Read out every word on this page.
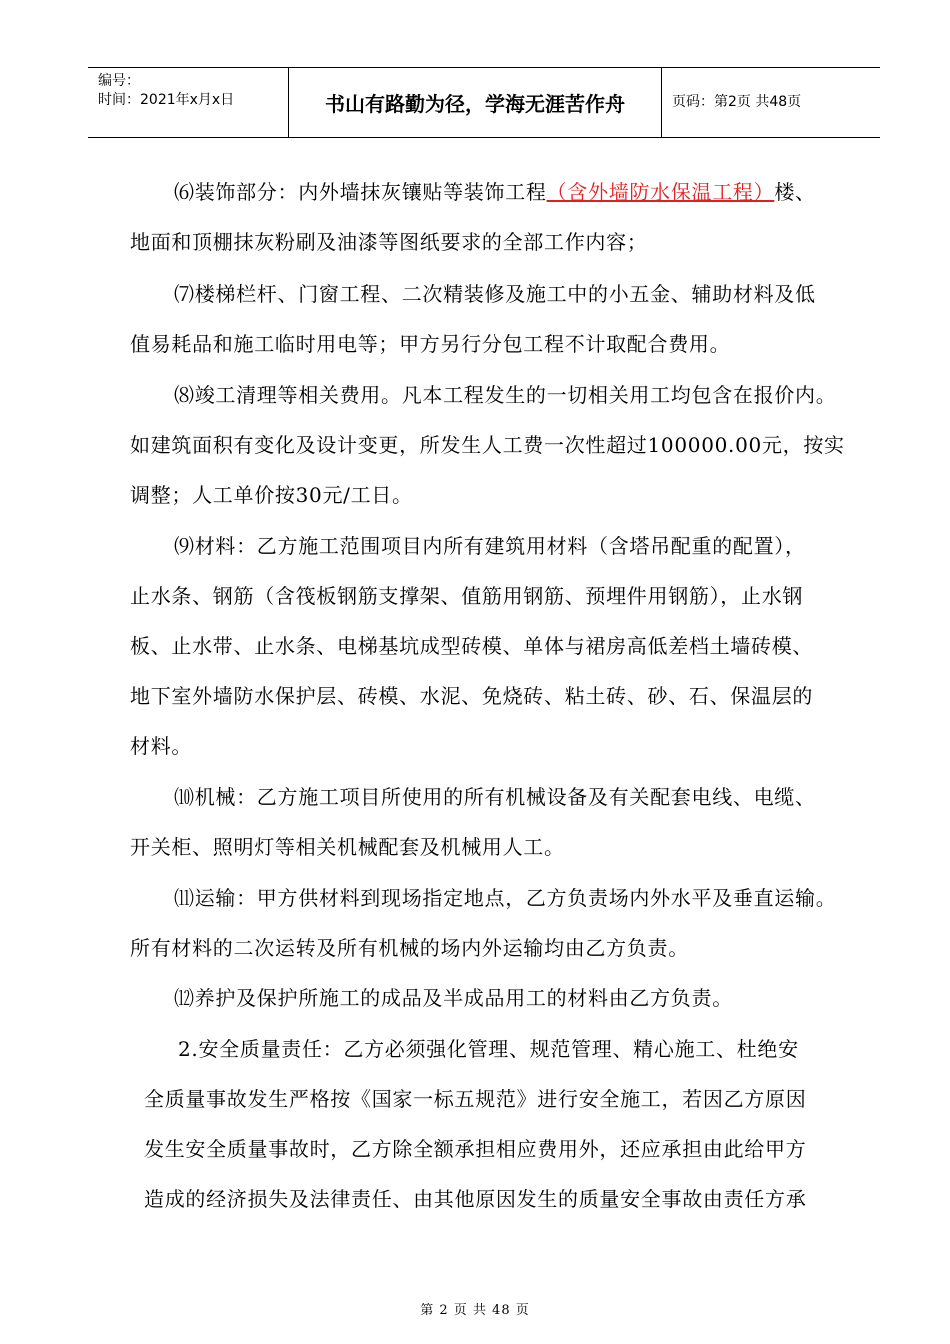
编号：
时间：2021年x月x日	书山有路勤为径，学海无涯苦作舟	页码：第2页 共48页
⑹装饰部分：内外墙抹灰镶贴等装饰工程（含外墙防水保温工程）楼、
地面和顶棚抹灰粉刷及油漆等图纸要求的全部工作内容；
⑺楼梯栏杆、门窗工程、二次精装修及施工中的小五金、辅助材料及低
值易耗品和施工临时用电等；甲方另行分包工程不计取配合费用。
⑻竣工清理等相关费用。凡本工程发生的一切相关用工均包含在报价内。
如建筑面积有变化及设计变更，所发生人工费一次性超过100000.00元，按实
调整；人工单价按30元/工日。
⑼材料：乙方施工范围项目内所有建筑用材料（含塔吊配重的配置），
止水条、钢筋（含筏板钢筋支撑架、值筋用钢筋、预埋件用钢筋），止水钢
板、止水带、止水条、电梯基坑成型砖模、单体与裙房高低差档土墙砖模、
地下室外墙防水保护层、砖模、水泥、免烧砖、粘土砖、砂、石、保温层的
材料。
⑽机械：乙方施工项目所使用的所有机械设备及有关配套电线、电缆、
开关柜、照明灯等相关机械配套及机械用人工。
⑾运输：甲方供材料到现场指定地点，乙方负责场内外水平及垂直运输。
所有材料的二次运转及所有机械的场内外运输均由乙方负责。
⑿养护及保护所施工的成品及半成品用工的材料由乙方负责。
2.安全质量责任：乙方必须强化管理、规范管理、精心施工、杜绝安
全质量事故发生严格按《国家一标五规范》进行安全施工，若因乙方原因
发生安全质量事故时，乙方除全额承担相应费用外，还应承担由此给甲方
造成的经济损失及法律责任、由其他原因发生的质量安全事故由责任方承
第 2 页 共 48 页
